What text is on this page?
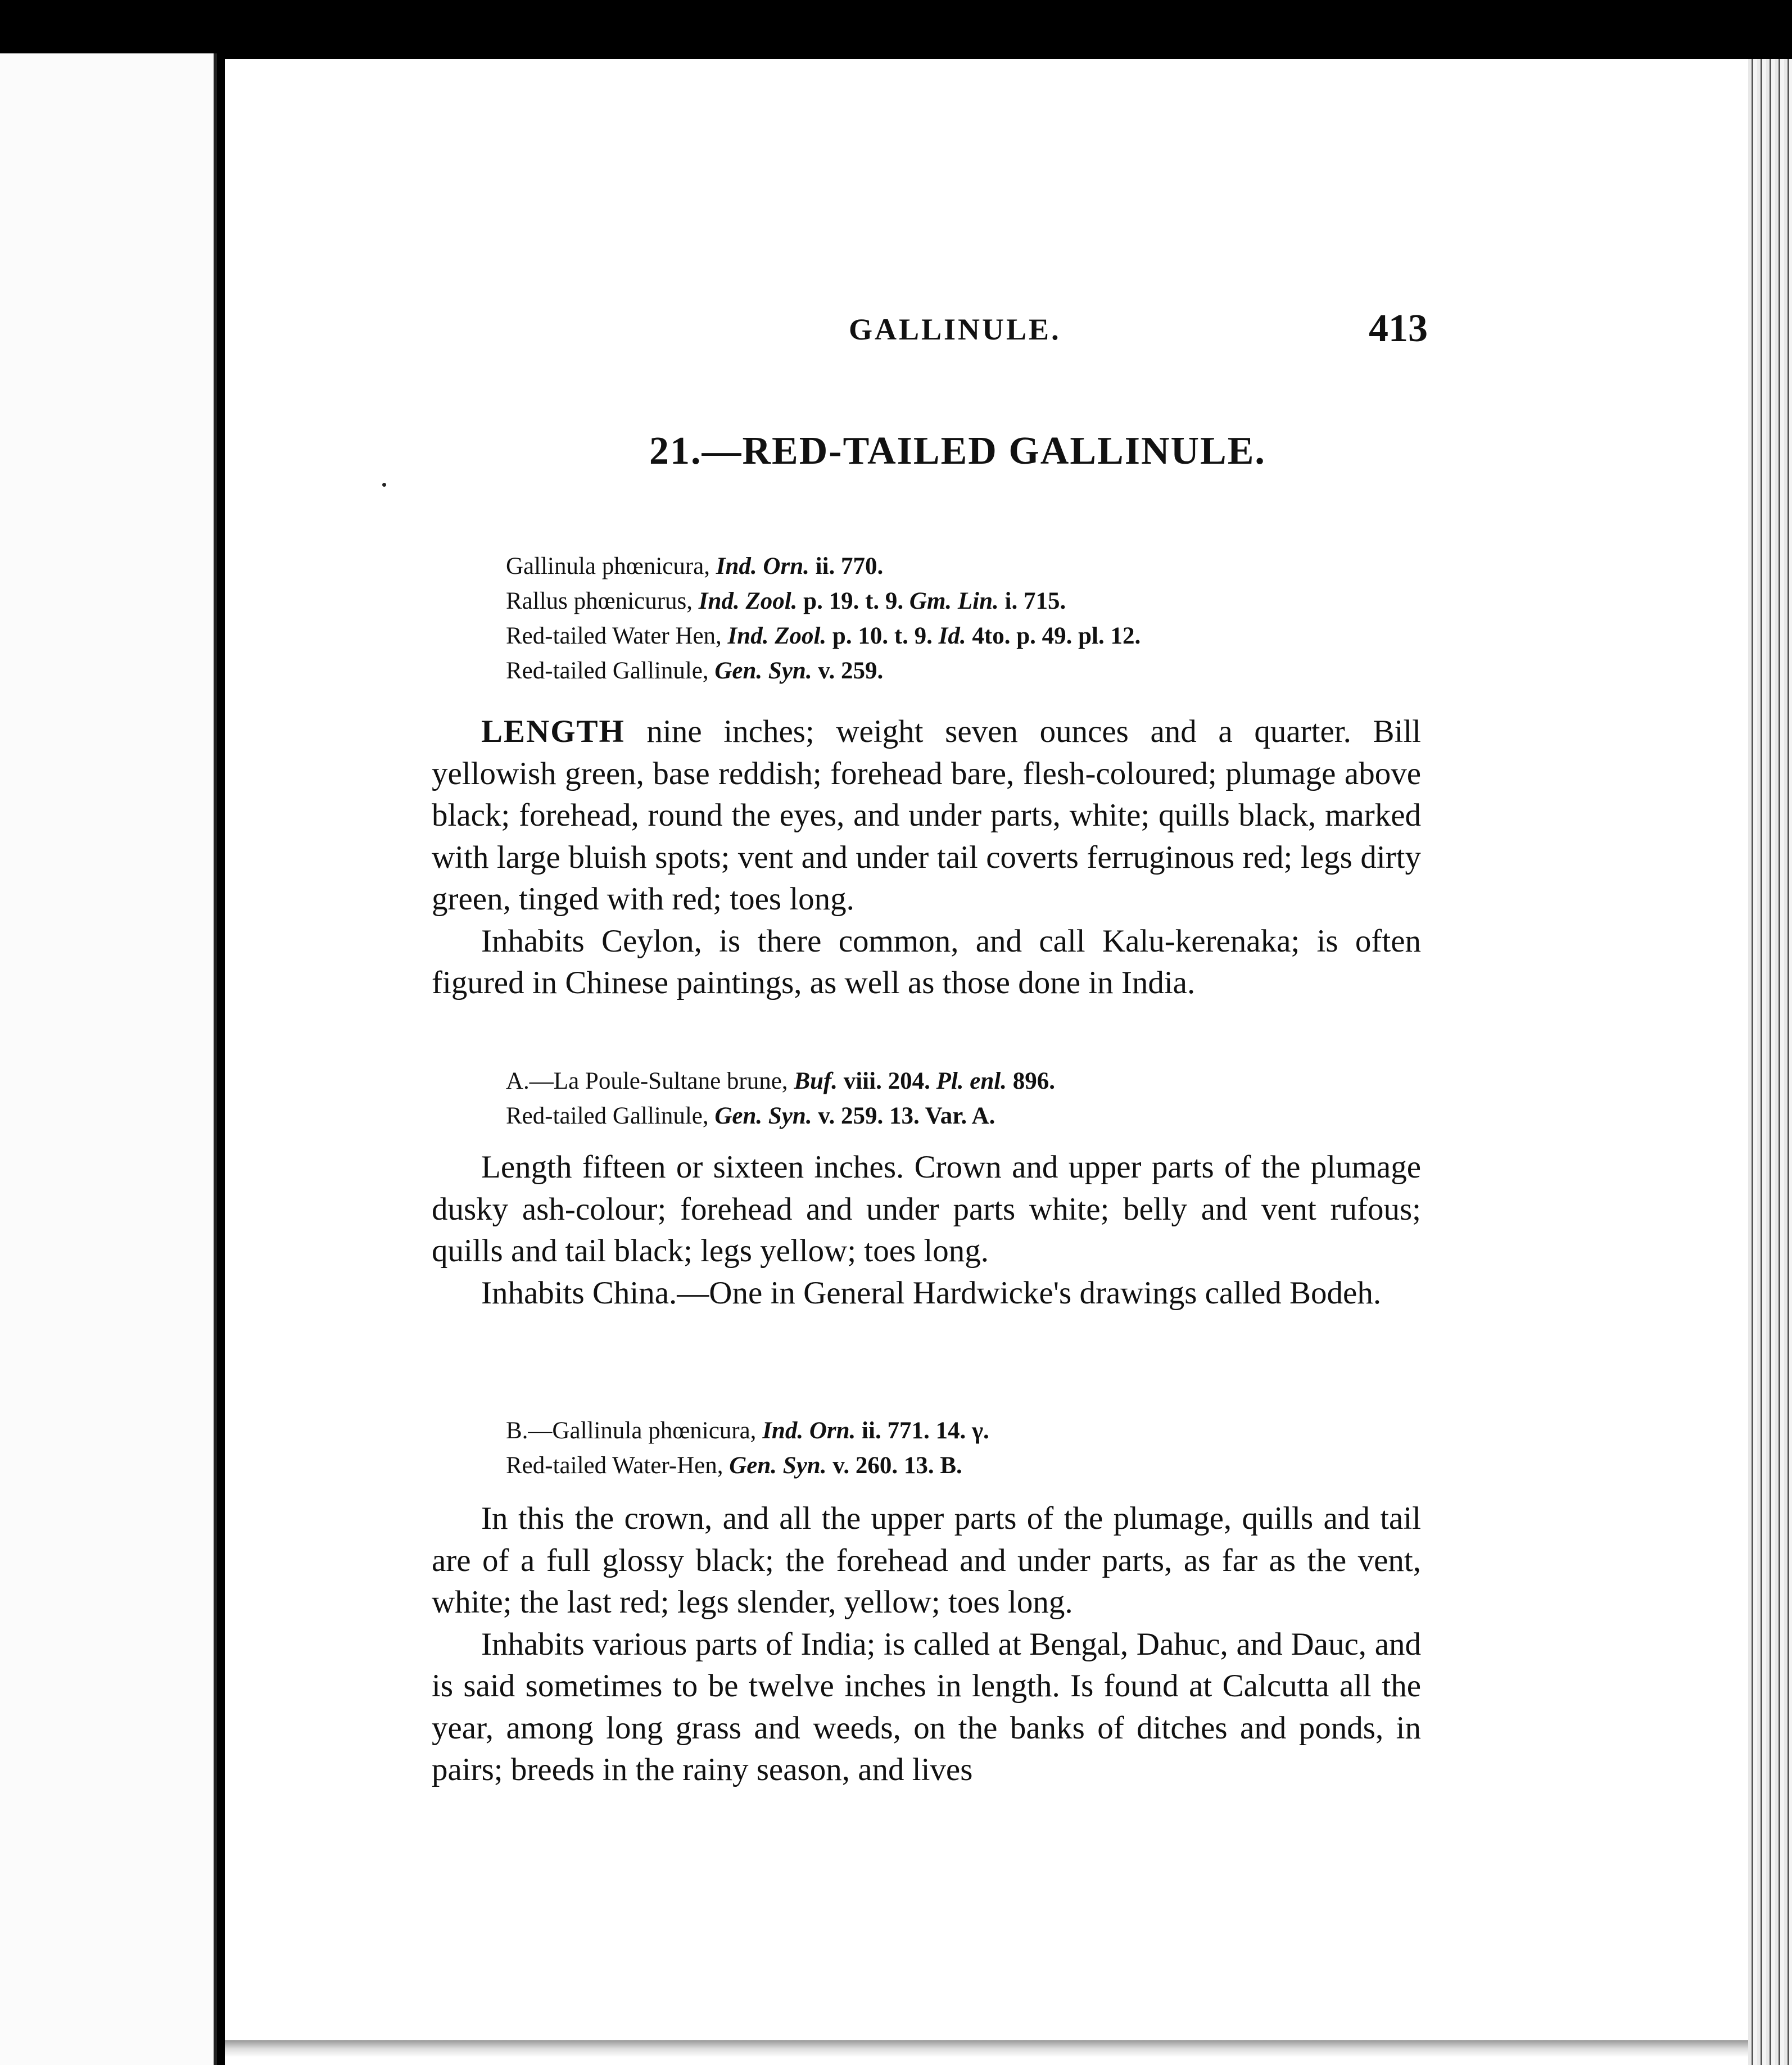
GALLINULE.	413
21.—RED-TAILED GALLINULE.
Gallinula phœnicura, Ind. Orn. ii. 770.
Rallus phœnicurus, Ind. Zool. p. 19. t. 9. Gm. Lin. i. 715.
Red-tailed Water Hen, Ind. Zool. p. 10. t. 9. Id. 4to. p. 49. pl. 12.
Red-tailed Gallinule, Gen. Syn. v. 259.

LENGTH nine inches; weight seven ounces and a quarter. Bill yellowish green, base reddish; forehead bare, flesh-coloured; plumage above black; forehead, round the eyes, and under parts, white; quills black, marked with large bluish spots; vent and under tail coverts ferruginous red; legs dirty green, tinged with red; toes long.

Inhabits Ceylon, is there common, and call Kalu-kerenaka; is often figured in Chinese paintings, as well as those done in India.

A.—La Poule-Sultane brune, Buf. viii. 204. Pl. enl. 896.
Red-tailed Gallinule, Gen. Syn. v. 259. 13. Var. A.

Length fifteen or sixteen inches. Crown and upper parts of the plumage dusky ash-colour; forehead and under parts white; belly and vent rufous; quills and tail black; legs yellow; toes long.

Inhabits China.—One in General Hardwicke's drawings called Bodeh.

B.—Gallinula phœnicura, Ind. Orn. ii. 771. 14. γ.
Red-tailed Water-Hen, Gen. Syn. v. 260. 13. B.

In this the crown, and all the upper parts of the plumage, quills and tail are of a full glossy black; the forehead and under parts, as far as the vent, white; the last red; legs slender, yellow; toes long.

Inhabits various parts of India; is called at Bengal, Dahuc, and Dauc, and is said sometimes to be twelve inches in length. Is found at Calcutta all the year, among long grass and weeds, on the banks of ditches and ponds, in pairs; breeds in the rainy season, and lives
